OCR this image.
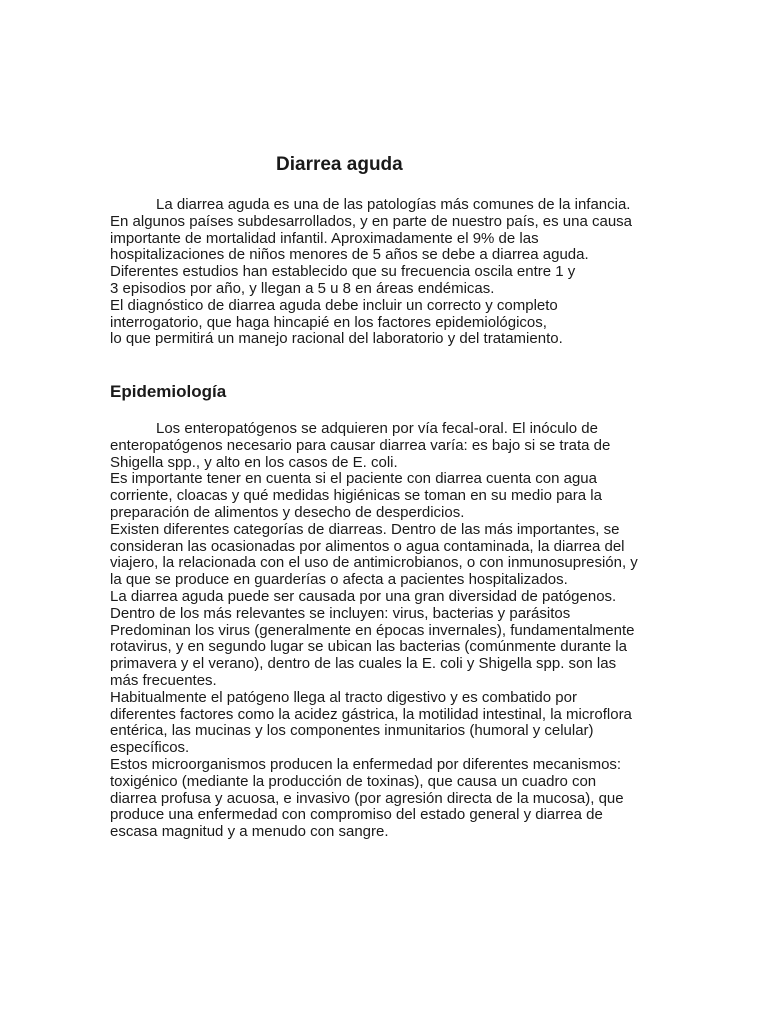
Diarrea aguda
La diarrea aguda es una de las patologías más comunes de la infancia.
En algunos países subdesarrollados, y en parte de nuestro país, es una causa
importante de mortalidad infantil. Aproximadamente el 9% de las
hospitalizaciones de niños menores de 5 años se debe a diarrea aguda.
Diferentes estudios han establecido que su frecuencia oscila entre 1 y
3 episodios por año, y llegan a 5 u 8 en áreas endémicas.
El diagnóstico de diarrea aguda debe incluir un correcto y completo
interrogatorio, que haga hincapié en los factores epidemiológicos,
lo que permitirá un manejo racional del laboratorio y del tratamiento.
Epidemiología
Los enteropatógenos se adquieren por vía fecal-oral. El inóculo de
enteropatógenos necesario para causar diarrea varía: es bajo si se trata de
Shigella spp., y alto en los casos de E. coli.
Es importante tener en cuenta si el paciente con diarrea cuenta con agua
corriente, cloacas y qué medidas higiénicas se toman en su medio para la
preparación de alimentos y desecho de desperdicios.
Existen diferentes categorías de diarreas. Dentro de las más importantes, se
consideran las ocasionadas por alimentos o agua contaminada, la diarrea del
viajero, la relacionada con el uso de antimicrobianos, o con inmunosupresión, y
la que se produce en guarderías o afecta a pacientes hospitalizados.
La diarrea aguda puede ser causada por una gran diversidad de patógenos.
Dentro de los más relevantes se incluyen: virus, bacterias y parásitos
Predominan los virus (generalmente en épocas invernales), fundamentalmente
rotavirus, y en segundo lugar se ubican las bacterias (comúnmente durante la
primavera y el verano), dentro de las cuales la E. coli y Shigella spp. son las
más frecuentes.
Habitualmente el patógeno llega al tracto digestivo y es combatido por
diferentes factores como la acidez gástrica, la motilidad intestinal, la microflora
entérica, las mucinas y los componentes inmunitarios (humoral y celular)
específicos.
Estos microorganismos producen la enfermedad por diferentes mecanismos:
toxigénico (mediante la producción de toxinas), que causa un cuadro con
diarrea profusa y acuosa, e invasivo (por agresión directa de la mucosa), que
produce una enfermedad con compromiso del estado general y diarrea de
escasa magnitud y a menudo con sangre.
